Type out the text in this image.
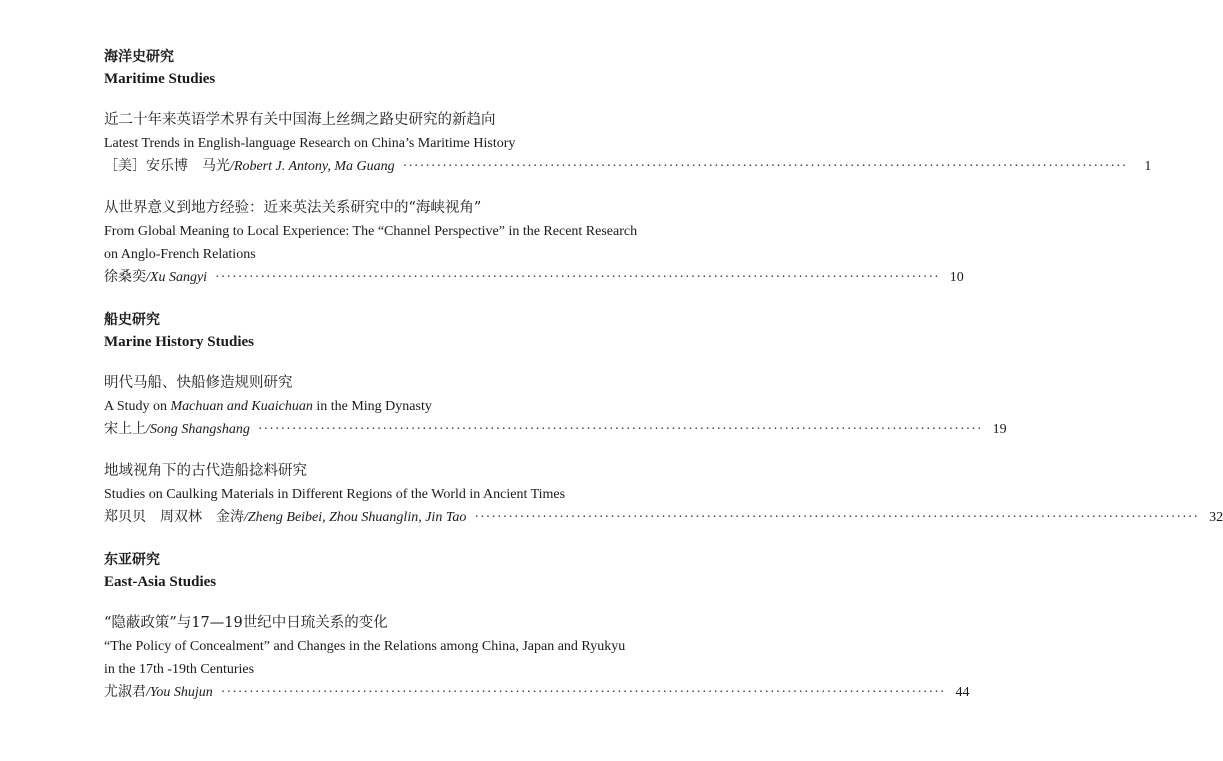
海洋史研究
Maritime Studies
近二十年来英语学术界有关中国海上丝绸之路史研究的新趋向
Latest Trends in English-language Research on China’s Maritime History
［美］安乐博　马光 /Robert J. Antony, Ma Guang ································································································································	1
从世界意义到地方经验：近来英法关系研究中的“海峡视角”
From Global Meaning to Local Experience: The “Channel Perspective” in the Recent Research
on Anglo-French Relations
徐桑奕 /Xu Sangyi ································································································································ 10
船史研究
Marine History Studies
明代马船、快船修造规则研究
A Study on Machuan and Kuaichuan in the Ming Dynasty
宋上上 /Song Shangshang ································································································································ 19
地域视角下的古代造船捻料研究
Studies on Caulking Materials in Different Regions of the World in Ancient Times
郑贝贝　周双林　金涛 /Zheng Beibei, Zhou Shuanglin, Jin Tao ································································································································ 32
东亚研究
East-Asia Studies
“隐蔽政策”与17—19世纪中日琉关系的变化
“The Policy of Concealment” and Changes in the Relations among China, Japan and Ryukyu
in the 17th -19th Centuries
尤淑君 /You Shujun ································································································································ 44
